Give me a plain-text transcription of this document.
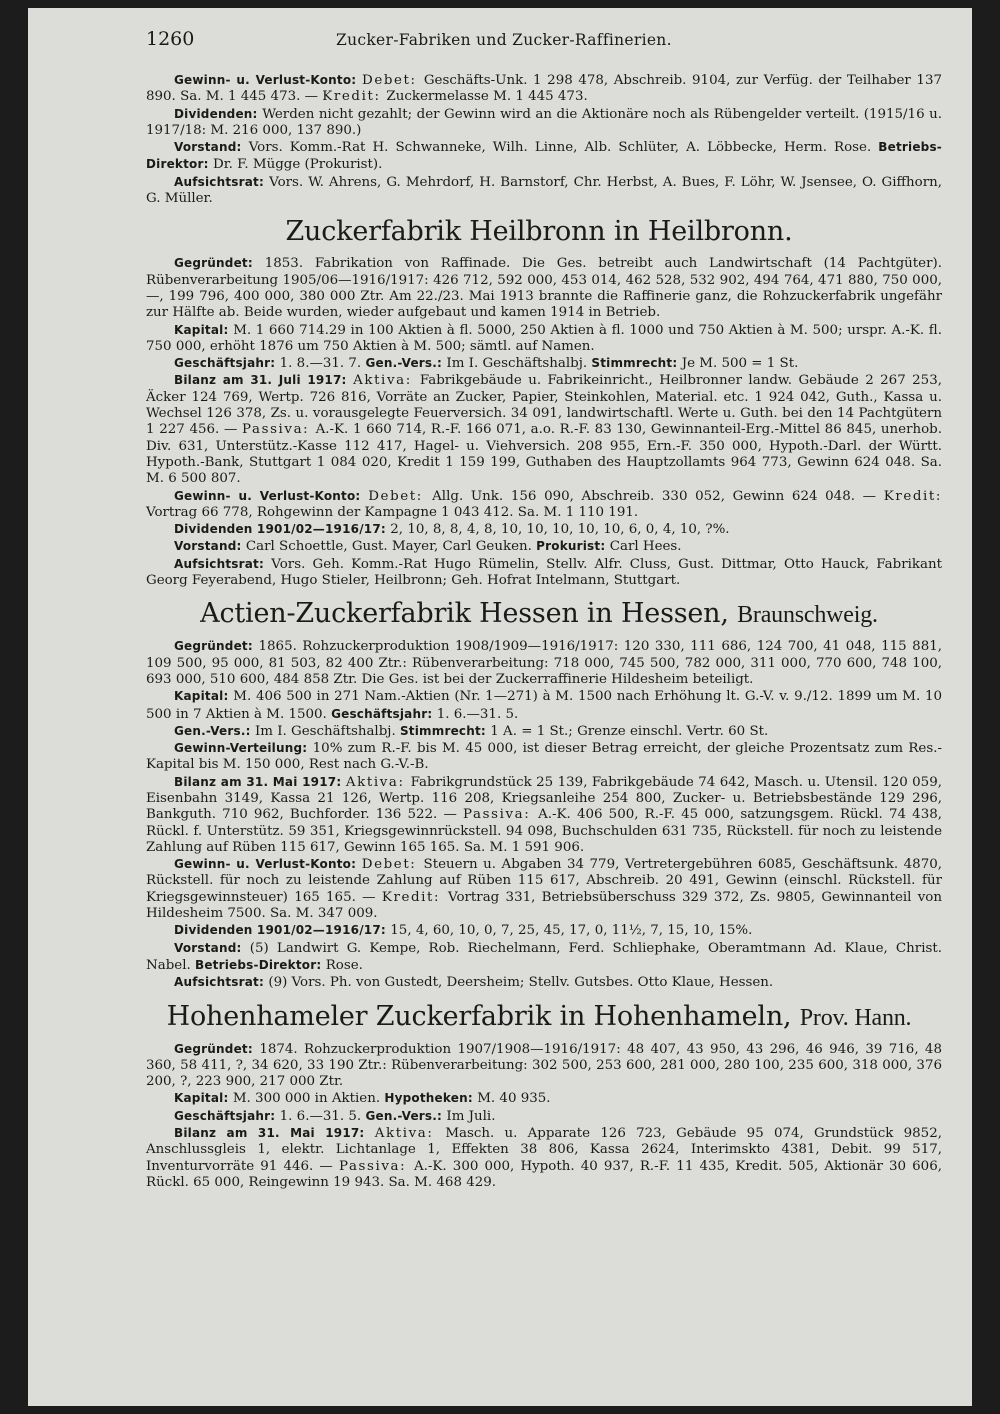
1260	Zucker-Fabriken und Zucker-Raffinerien.

Gewinn- u. Verlust-Konto: Debet: Geschäfts-Unk. 1 298 478, Abschreib. 9104, zur Verfüg. der Teilhaber 137 890. Sa. M. 1 445 473. — Kredit: Zuckermelasse M. 1 445 473.

Dividenden: Werden nicht gezahlt; der Gewinn wird an die Aktionäre noch als Rübengelder verteilt. (1915/16 u. 1917/18: M. 216 000, 137 890.)

Vorstand: Vors. Komm.-Rat H. Schwanneke, Wilh. Linne, Alb. Schlüter, A. Löbbecke, Herm. Rose. Betriebs-Direktor: Dr. F. Mügge (Prokurist).

Aufsichtsrat: Vors. W. Ahrens, G. Mehrdorf, H. Barnstorf, Chr. Herbst, A. Bues, F. Löhr, W. Jsensee, O. Giffhorn, G. Müller.

Zuckerfabrik Heilbronn in Heilbronn.

Gegründet: 1853. Fabrikation von Raffinade. Die Ges. betreibt auch Landwirtschaft (14 Pachtgüter). Rübenverarbeitung 1905/06—1916/1917: 426 712, 592 000, 453 014, 462 528, 532 902, 494 764, 471 880, 750 000, —, 199 796, 400 000, 380 000 Ztr. Am 22./23. Mai 1913 brannte die Raffinerie ganz, die Rohzuckerfabrik ungefähr zur Hälfte ab. Beide wurden, wieder aufgebaut und kamen 1914 in Betrieb.

Kapital: M. 1 660 714.29 in 100 Aktien à fl. 5000, 250 Aktien à fl. 1000 und 750 Aktien à M. 500; urspr. A.-K. fl. 750 000, erhöht 1876 um 750 Aktien à M. 500; sämtl. auf Namen.

Geschäftsjahr: 1. 8.—31. 7. Gen.-Vers.: Im I. Geschäftshalbj. Stimmrecht: Je M. 500 = 1 St.

Bilanz am 31. Juli 1917: Aktiva: Fabrikgebäude u. Fabrikeinricht., Heilbronner landw. Gebäude 2 267 253, Äcker 124 769, Wertp. 726 816, Vorräte an Zucker, Papier, Steinkohlen, Material. etc. 1 924 042, Guth., Kassa u. Wechsel 126 378, Zs. u. vorausgelegte Feuerversich. 34 091, landwirtschaftl. Werte u. Guth. bei den 14 Pachtgütern 1 227 456. — Passiva: A.-K. 1 660 714, R.-F. 166 071, a.o. R.-F. 83 130, Gewinnanteil-Erg.-Mittel 86 845, unerhob. Div. 631, Unterstütz.-Kasse 112 417, Hagel- u. Viehversich. 208 955, Ern.-F. 350 000, Hypoth.-Darl. der Württ. Hypoth.-Bank, Stuttgart 1 084 020, Kredit 1 159 199, Guthaben des Hauptzollamts 964 773, Gewinn 624 048. Sa. M. 6 500 807.

Gewinn- u. Verlust-Konto: Debet: Allg. Unk. 156 090, Abschreib. 330 052, Gewinn 624 048. — Kredit: Vortrag 66 778, Rohgewinn der Kampagne 1 043 412. Sa. M. 1 110 191.

Dividenden 1901/02—1916/17: 2, 10, 8, 8, 4, 8, 10, 10, 10, 10, 10, 6, 0, 4, 10, ?%.

Vorstand: Carl Schoettle, Gust. Mayer, Carl Geuken. Prokurist: Carl Hees.

Aufsichtsrat: Vors. Geh. Komm.-Rat Hugo Rümelin, Stellv. Alfr. Cluss, Gust. Dittmar, Otto Hauck, Fabrikant Georg Feyerabend, Hugo Stieler, Heilbronn; Geh. Hofrat Intelmann, Stuttgart.

Actien-Zuckerfabrik Hessen in Hessen, Braunschweig.

Gegründet: 1865. Rohzuckerproduktion 1908/1909—1916/1917: 120 330, 111 686, 124 700, 41 048, 115 881, 109 500, 95 000, 81 503, 82 400 Ztr.: Rübenverarbeitung: 718 000, 745 500, 782 000, 311 000, 770 600, 748 100, 693 000, 510 600, 484 858 Ztr. Die Ges. ist bei der Zuckerraffinerie Hildesheim beteiligt.

Kapital: M. 406 500 in 271 Nam.-Aktien (Nr. 1—271) à M. 1500 nach Erhöhung lt. G.-V. v. 9./12. 1899 um M. 10 500 in 7 Aktien à M. 1500. Geschäftsjahr: 1. 6.—31. 5.

Gen.-Vers.: Im I. Geschäftshalbj. Stimmrecht: 1 A. = 1 St.; Grenze einschl. Vertr. 60 St.

Gewinn-Verteilung: 10% zum R.-F. bis M. 45 000, ist dieser Betrag erreicht, der gleiche Prozentsatz zum Res.-Kapital bis M. 150 000, Rest nach G.-V.-B.

Bilanz am 31. Mai 1917: Aktiva: Fabrikgrundstück 25 139, Fabrikgebäude 74 642, Masch. u. Utensil. 120 059, Eisenbahn 3149, Kassa 21 126, Wertp. 116 208, Kriegsanleihe 254 800, Zucker- u. Betriebsbestände 129 296, Bankguth. 710 962, Buchforder. 136 522. — Passiva: A.-K. 406 500, R.-F. 45 000, satzungsgem. Rückl. 74 438, Rückl. f. Unterstütz. 59 351, Kriegsgewinnrückstell. 94 098, Buchschulden 631 735, Rückstell. für noch zu leistende Zahlung auf Rüben 115 617, Gewinn 165 165. Sa. M. 1 591 906.

Gewinn- u. Verlust-Konto: Debet: Steuern u. Abgaben 34 779, Vertretergebühren 6085, Geschäftsunk. 4870, Rückstell. für noch zu leistende Zahlung auf Rüben 115 617, Abschreib. 20 491, Gewinn (einschl. Rückstell. für Kriegsgewinnsteuer) 165 165. — Kredit: Vortrag 331, Betriebsüberschuss 329 372, Zs. 9805, Gewinnanteil von Hildesheim 7500. Sa. M. 347 009.

Dividenden 1901/02—1916/17: 15, 4, 60, 10, 0, 7, 25, 45, 17, 0, 11½, 7, 15, 10, 15%.

Vorstand: (5) Landwirt G. Kempe, Rob. Riechelmann, Ferd. Schliephake, Oberamtmann Ad. Klaue, Christ. Nabel. Betriebs-Direktor: Rose.

Aufsichtsrat: (9) Vors. Ph. von Gustedt, Deersheim; Stellv. Gutsbes. Otto Klaue, Hessen.

Hohenhameler Zuckerfabrik in Hohenhameln, Prov. Hann.

Gegründet: 1874. Rohzuckerproduktion 1907/1908—1916/1917: 48 407, 43 950, 43 296, 46 946, 39 716, 48 360, 58 411, ?, 34 620, 33 190 Ztr.: Rübenverarbeitung: 302 500, 253 600, 281 000, 280 100, 235 600, 318 000, 376 200, ?, 223 900, 217 000 Ztr.

Kapital: M. 300 000 in Aktien. Hypotheken: M. 40 935.

Geschäftsjahr: 1. 6.—31. 5. Gen.-Vers.: Im Juli.

Bilanz am 31. Mai 1917: Aktiva: Masch. u. Apparate 126 723, Gebäude 95 074, Grundstück 9852, Anschlussgleis 1, elektr. Lichtanlage 1, Effekten 38 806, Kassa 2624, Interimskto 4381, Debit. 99 517, Inventurvorräte 91 446. — Passiva: A.-K. 300 000, Hypoth. 40 937, R.-F. 11 435, Kredit. 505, Aktionär 30 606, Rückl. 65 000, Reingewinn 19 943. Sa. M. 468 429.
